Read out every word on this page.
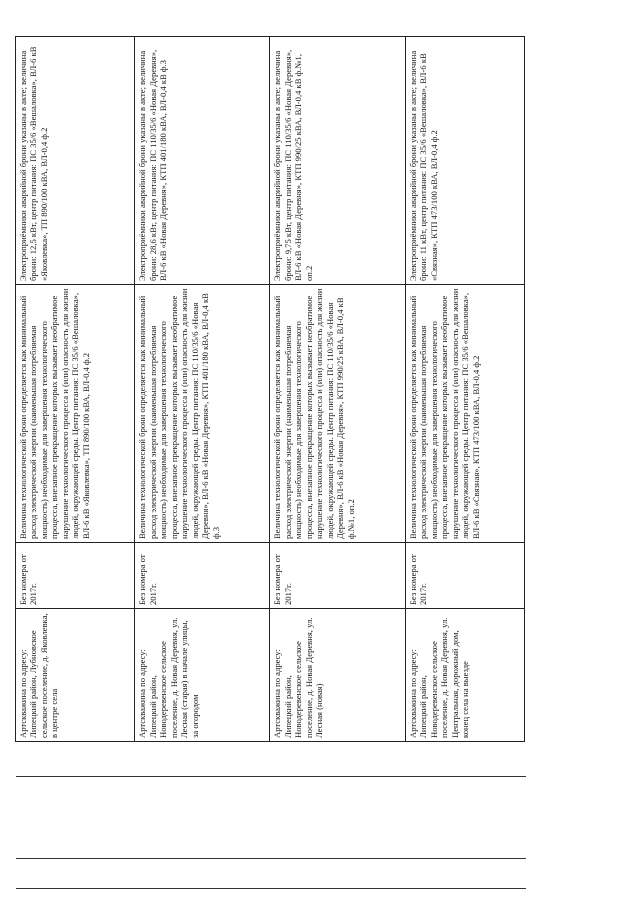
Артскважина по адресу: Липецкий район, Лубновское сельское поселение, д. Яковлевка, в центре села	Без номера от 2017г.	Величина технологической брони определяется как минимальный расход электрической энергии (наименьшая потребляемая мощность) необходимые для завершения технологического процесса, внезапное прекращение которых вызывает необратимое нарушение технологического процесса и (или) опасность для жизни людей, окружающей среды. Центр питания: ПС 35/6 «Вешаловка», ВЛ-6 кВ «Яковлевка», ТП 890/100 кВА, ВЛ-0,4 ф.2	Электроприёмники аварийной брони указаны в акте; величина брони: 12,5 кВт, центр питания: ПС 35/6 «Вешаловка», ВЛ-6 кВ «Яковлевка», ТП 890/100 кВА, ВЛ-0,4 ф.2
Артскважина по адресу: Липецкий район, Новодеревенское сельское поселение, д. Новая Деревня, ул. Лесная (старая) в начале улицы, за огородом	Без номера от 2017г.	Величина технологической брони определяется как минимальный расход электрической энергии (наименьшая потребляемая мощность) необходимые для завершения технологического процесса, внезапное прекращение которых вызывает необратимое нарушение технологического процесса и (или) опасность для жизни людей, окружающей среды. Центр питания: ПС 110/35/6 «Новая Деревня», ВЛ-6 кВ «Новая Деревня», КТП 401/180 кВА, ВЛ-0,4 кВ ф.3	Электроприёмники аварийной брони указаны в акте; величина брони: 28,6 кВт, центр питания: ПС 110/35/6 «Новая Деревня», ВЛ-6 кВ «Новая Деревня», КТП 401/180 кВА, ВЛ-0,4 кВ ф.3
Артскважина по адресу: Липецкий район, Новодеревенское сельское поселение, д. Новая Деревня, ул. Лесная (новая)	Без номера от 2017г.	Величина технологической брони определяется как минимальный расход электрической энергии (наименьшая потребляемая мощность) необходимые для завершения технологического процесса, внезапное прекращение которых вызывает необратимое нарушение технологического процесса и (или) опасность для жизни людей, окружающей среды. Центр питания: ПС 110/35/6 «Новая Деревня», ВЛ-6 кВ «Новая Деревня», КТП 990/25 кВА, ВЛ-0,4 кВ ф.№1, оп.2	Электроприёмники аварийной брони указаны в акте; величина брони: 9,75 кВт, центр питания: ПС 110/35/6 «Новая Деревня», ВЛ-6 кВ «Новая Деревня», КТП 990/25 кВА, ВЛ-0,4 кВ ф.№1, оп.2
Артскважина по адресу: Липецкий район, Новодеревенское сельское поселение, д. Новая Деревня, ул. Центральная, дорожный дом, конец села на выезде	Без номера от 2017г.	Величина технологической брони определяется как минимальный расход электрической энергии (наименьшая потребляемая мощность) необходимые для завершения технологического процесса, внезапное прекращение которых вызывает необратимое нарушение технологического процесса и (или) опасность для жизни людей, окружающей среды. Центр питания: ПС 35/6 «Вешаловка», ВЛ-6 кВ «Связная», КТП 473/100 кВА, ВЛ-0,4 ф.2	Электроприёмники аварийной брони указаны в акте; величина брони: 11 кВт, центр питания: ПС 35/6 «Вешаловка», ВЛ-6 кВ «Связная», КТП 473/100 кВА, ВЛ-0,4 ф.2
